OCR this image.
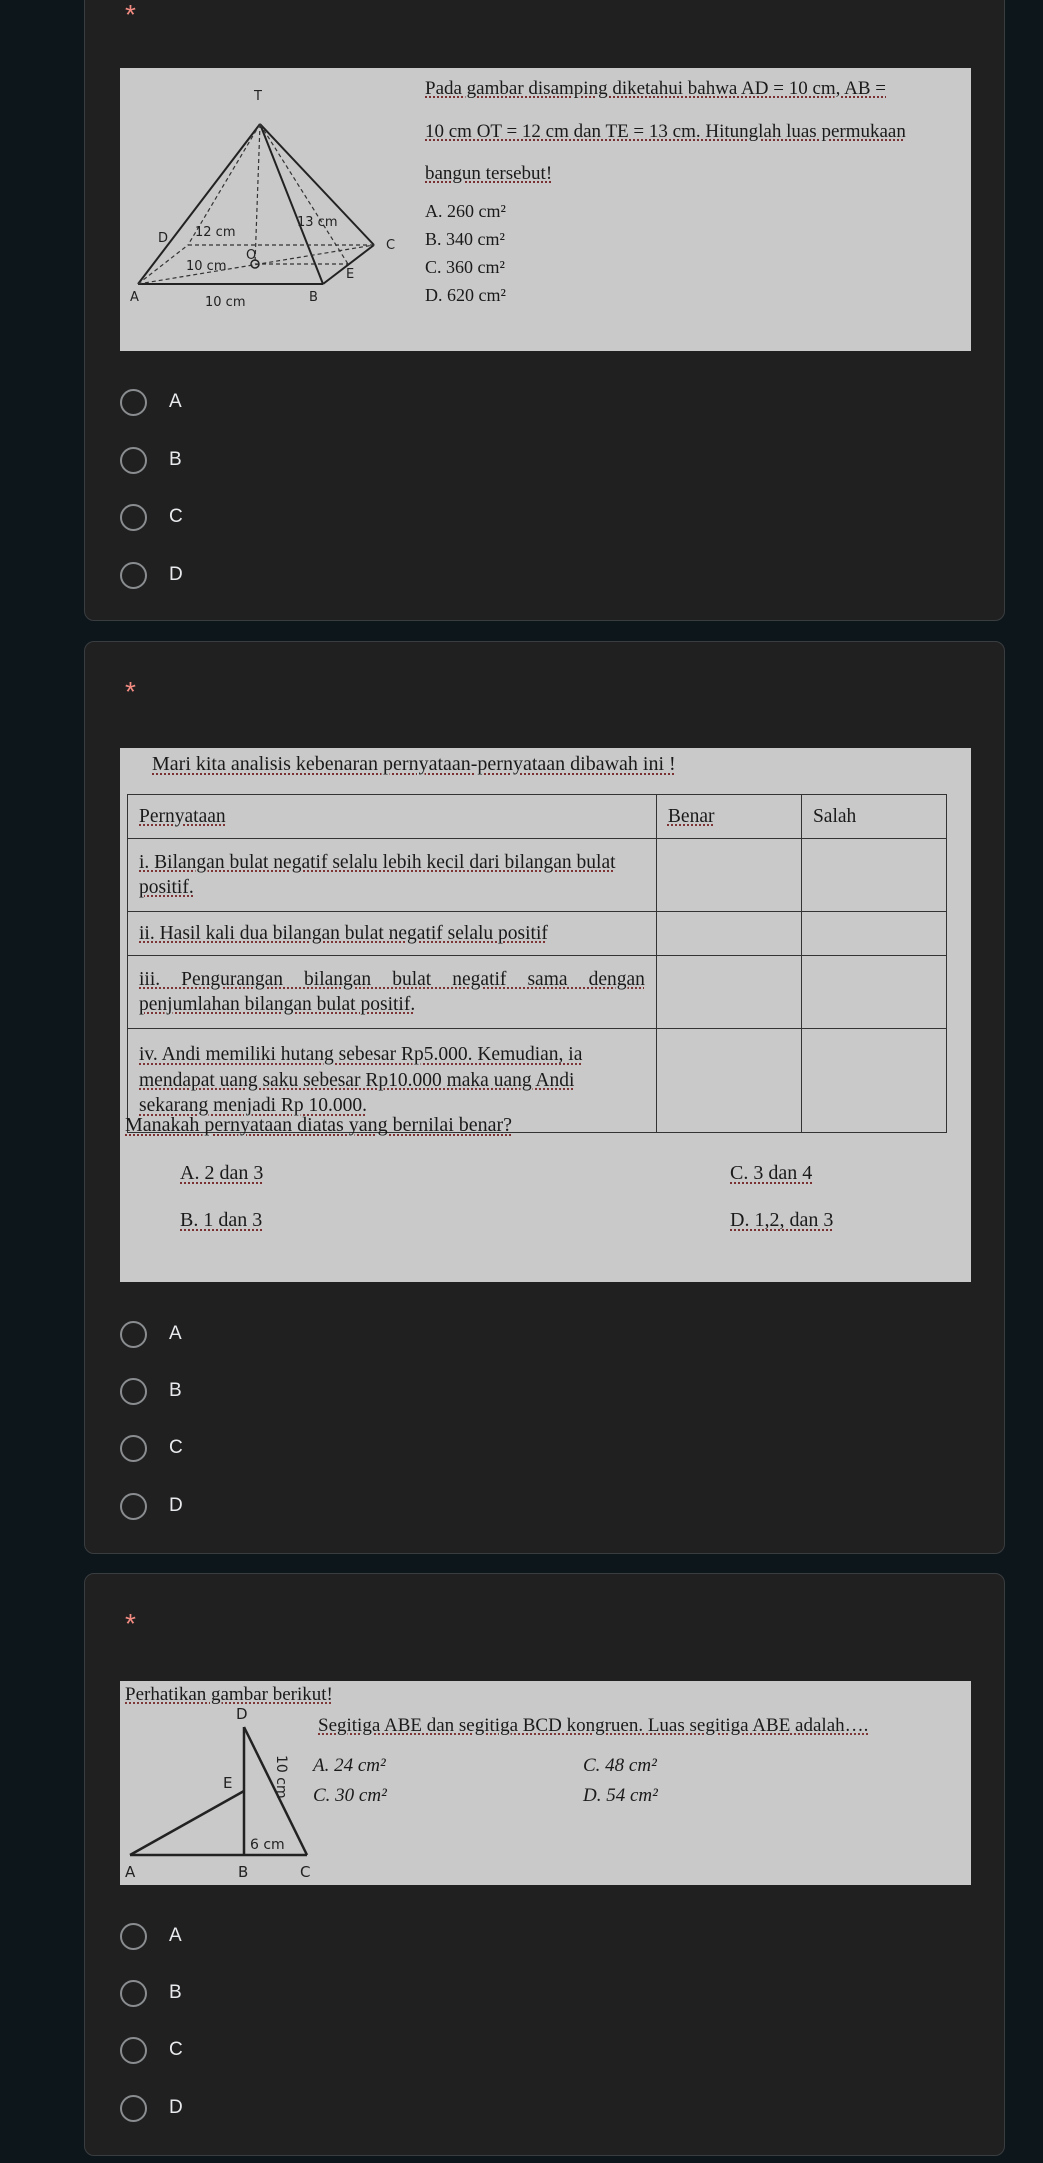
*
T
12 cm
13 cm
D	C
10 cm
O
E
A	10 cm	B
Pada gambar disamping diketahui bahwa AD = 10 cm, AB =
10 cm OT = 12 cm dan TE = 13 cm. Hitunglah luas permukaan
bangun tersebut!
A. 260 cm²
B. 340 cm²
C. 360 cm²
D. 620 cm²
A
B
C
D
*
Mari kita analisis kebenaran pernyataan-pernyataan dibawah ini !
Pernyataan	Benar	Salah
i. Bilangan bulat negatif selalu lebih kecil dari bilangan bulat positif.		
ii. Hasil kali dua bilangan bulat negatif selalu positif		
iii. Pengurangan bilangan bulat negatif sama dengan penjumlahan bilangan bulat positif.		
iv. Andi memiliki hutang sebesar Rp5.000. Kemudian, ia mendapat uang saku sebesar Rp10.000 maka uang Andi sekarang menjadi Rp 10.000.		
Manakah pernyataan diatas yang bernilai benar?
A. 2 dan 3	C. 3 dan 4
B. 1 dan 3	D. 1,2, dan 3
A
B
C
D
*
Perhatikan gambar berikut!
D
E
6 cm
A	B	C
10 cm
Segitiga ABE dan segitiga BCD kongruen. Luas segitiga ABE adalah….
A. 24 cm²	C. 48 cm²
C. 30 cm²	D. 54 cm²
A
B
C
D
